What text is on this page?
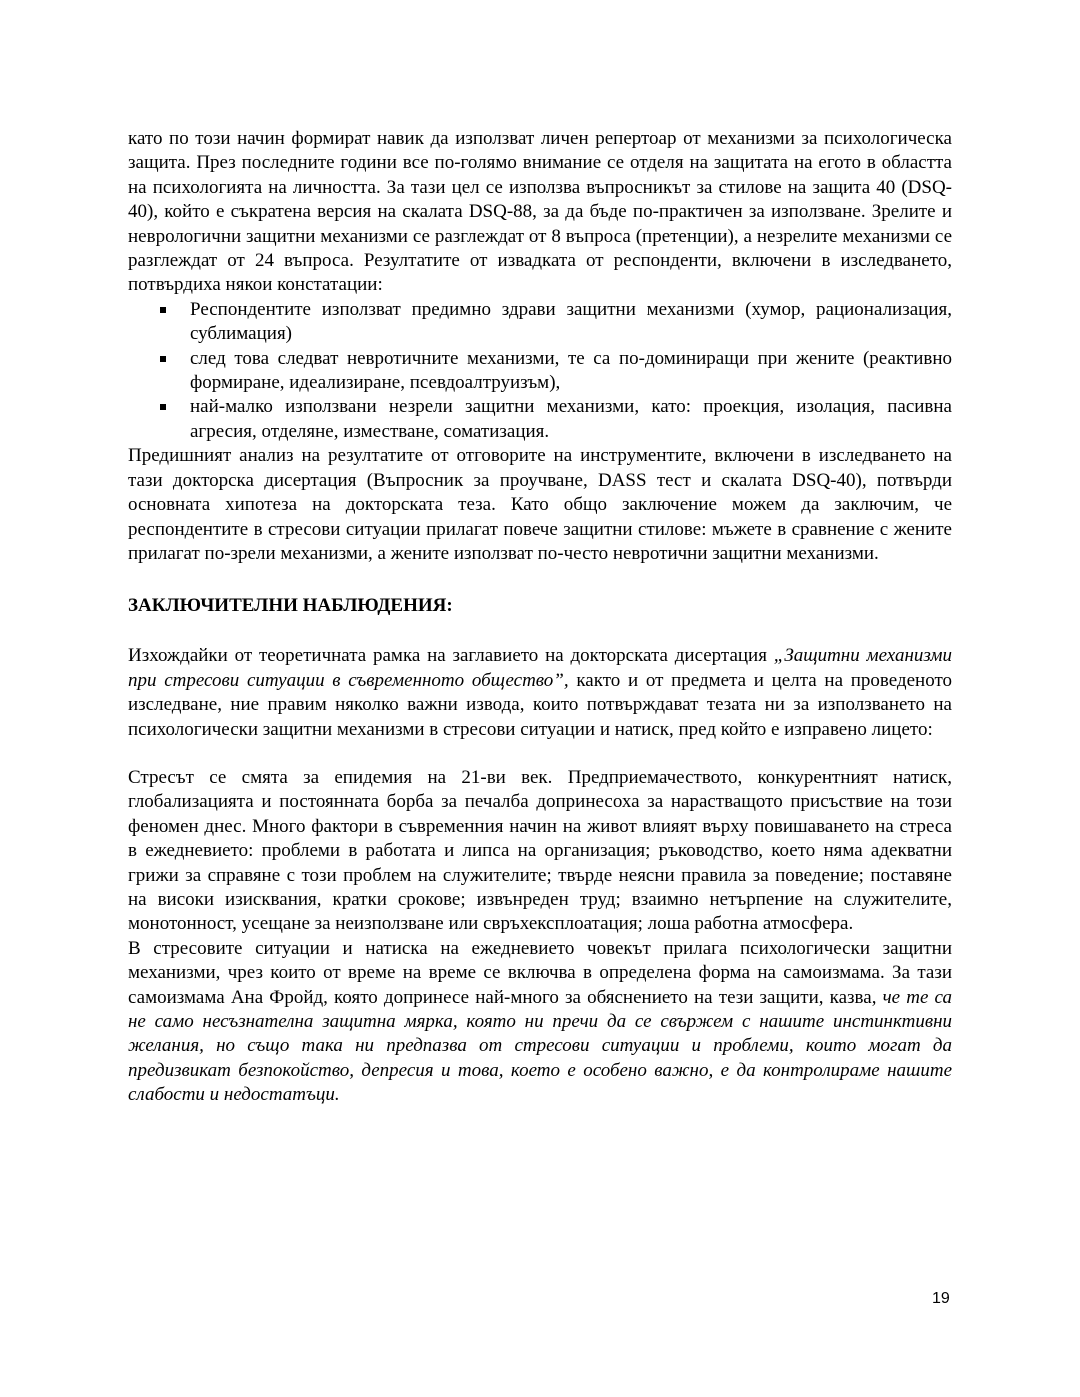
като по този начин формират навик да използват личен репертоар от механизми за психологическа защита. През последните години все по-голямо внимание се отделя на защитата на егото в областта на психологията на личността. За тази цел се използва въпросникът за стилове на защита 40 (DSQ-40), който е съкратена версия на скалата DSQ-88, за да бъде по-практичен за използване. Зрелите и неврологични защитни механизми се разглеждат от 8 въпроса (претенции), а незрелите механизми се разглеждат от 24 въпроса. Резултатите от извадката от респонденти, включени в изследването, потвърдиха някои констатации:

Респондентите използват предимно здрави защитни механизми (хумор, рационализация, сублимация)
след това следват невротичните механизми, те са по-доминиращи при жените (реактивно формиране, идеализиране, псевдоалтруизъм),
най-малко използвани незрели защитни механизми, като: проекция, изолация, пасивна агресия, отделяне, изместване, соматизация.

Предишният анализ на резултатите от отговорите на инструментите, включени в изследването на тази докторска дисертация (Въпросник за проучване, DASS тест и скалата DSQ-40), потвърди основната хипотеза на докторската теза. Като общо заключение можем да заключим, че респондентите в стресови ситуации прилагат повече защитни стилове: мъжете в сравнение с жените прилагат по-зрели механизми, а жените използват по-често невротични защитни механизми.

ЗАКЛЮЧИТЕЛНИ НАБЛЮДЕНИЯ:

Изхождайки от теоретичната рамка на заглавието на докторската дисертация „Защитни механизми при стресови ситуации в съвременното общество”, както и от предмета и целта на проведеното изследване, ние правим няколко важни извода, които потвърждават тезата ни за използването на психологически защитни механизми в стресови ситуации и натиск, пред който е изправено лицето:

Стресът се смята за епидемия на 21-ви век. Предприемачеството, конкурентният натиск, глобализацията и постоянната борба за печалба допринесоха за нарастващото присъствие на този феномен днес. Много фактори в съвременния начин на живот влияят върху повишаването на стреса в ежедневието: проблеми в работата и липса на организация; ръководство, което няма адекватни грижи за справяне с този проблем на служителите; твърде неясни правила за поведение; поставяне на високи изисквания, кратки срокове; извънреден труд; взаимно нетърпение на служителите, монотонност, усещане за неизползване или свръхексплоатация; лоша работна атмосфера.

В стресовите ситуации и натиска на ежедневието човекът прилага психологически защитни механизми, чрез които от време на време се включва в определена форма на самоизмама. За тази самоизмама Ана Фройд, която допринесе най-много за обяснението на тези защити, казва, че те са не само несъзнателна защитна мярка, която ни пречи да се свържем с нашите инстинктивни желания, но също така ни предпазва от стресови ситуации и проблеми, които могат да предизвикат безпокойство, депресия и това, което е особено важно, е да контролираме нашите слабости и недостатъци.

19
